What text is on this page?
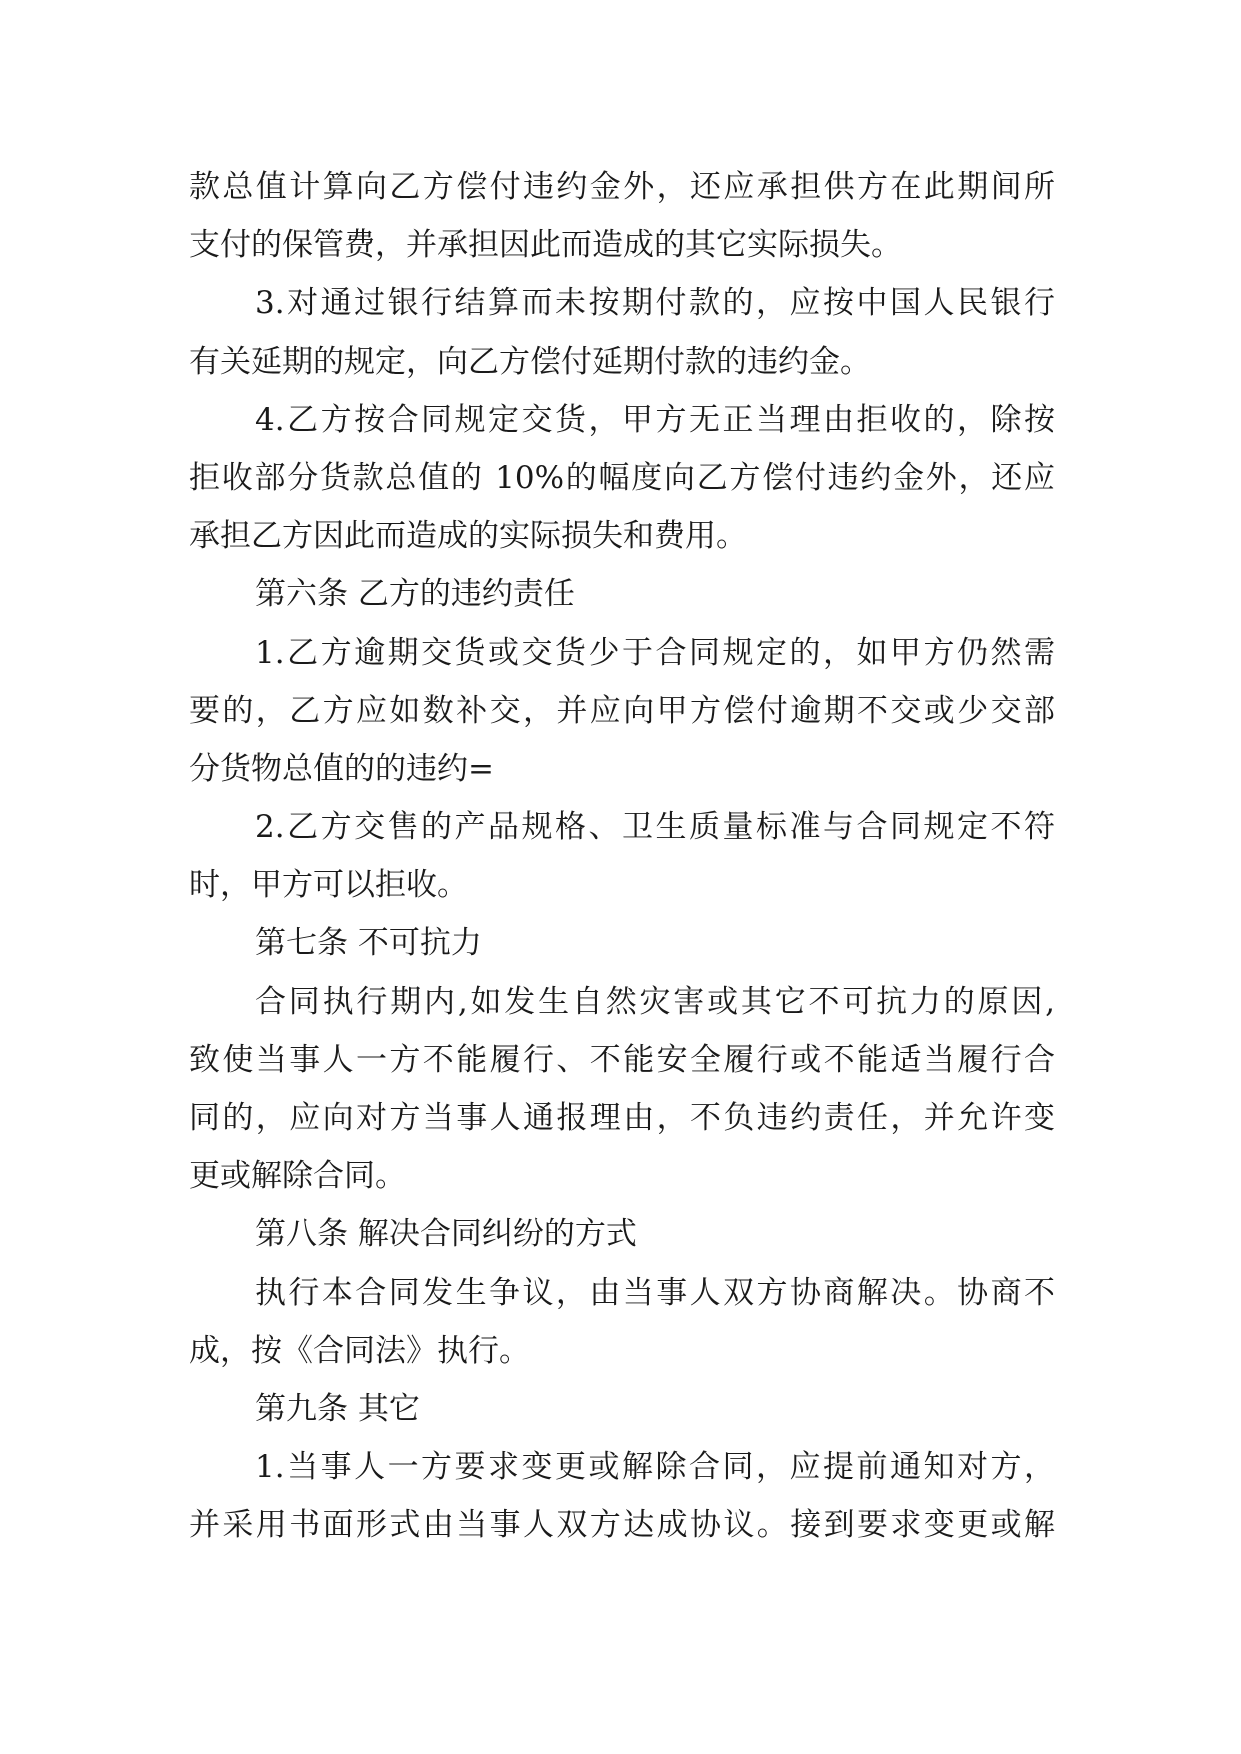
款总值计算向乙方偿付违约金外，还应承担供方在此期间所
支付的保管费，并承担因此而造成的其它实际损失。
3.对通过银行结算而未按期付款的，应按中国人民银行
有关延期的规定，向乙方偿付延期付款的违约金。
4.乙方按合同规定交货，甲方无正当理由拒收的，除按
拒收部分货款总值的 10%的幅度向乙方偿付违约金外，还应
承担乙方因此而造成的实际损失和费用。
第六条 乙方的违约责任
1.乙方逾期交货或交货少于合同规定的，如甲方仍然需
要的，乙方应如数补交，并应向甲方偿付逾期不交或少交部
分货物总值的的违约=
2.乙方交售的产品规格、卫生质量标准与合同规定不符
时，甲方可以拒收。
第七条 不可抗力
合同执行期内,如发生自然灾害或其它不可抗力的原因,
致使当事人一方不能履行、不能安全履行或不能适当履行合
同的，应向对方当事人通报理由，不负违约责任，并允许变
更或解除合同。
第八条 解决合同纠纷的方式
执行本合同发生争议，由当事人双方协商解决。协商不
成，按《合同法》执行。
第九条 其它
1.当事人一方要求变更或解除合同，应提前通知对方，
并采用书面形式由当事人双方达成协议。接到要求变更或解
